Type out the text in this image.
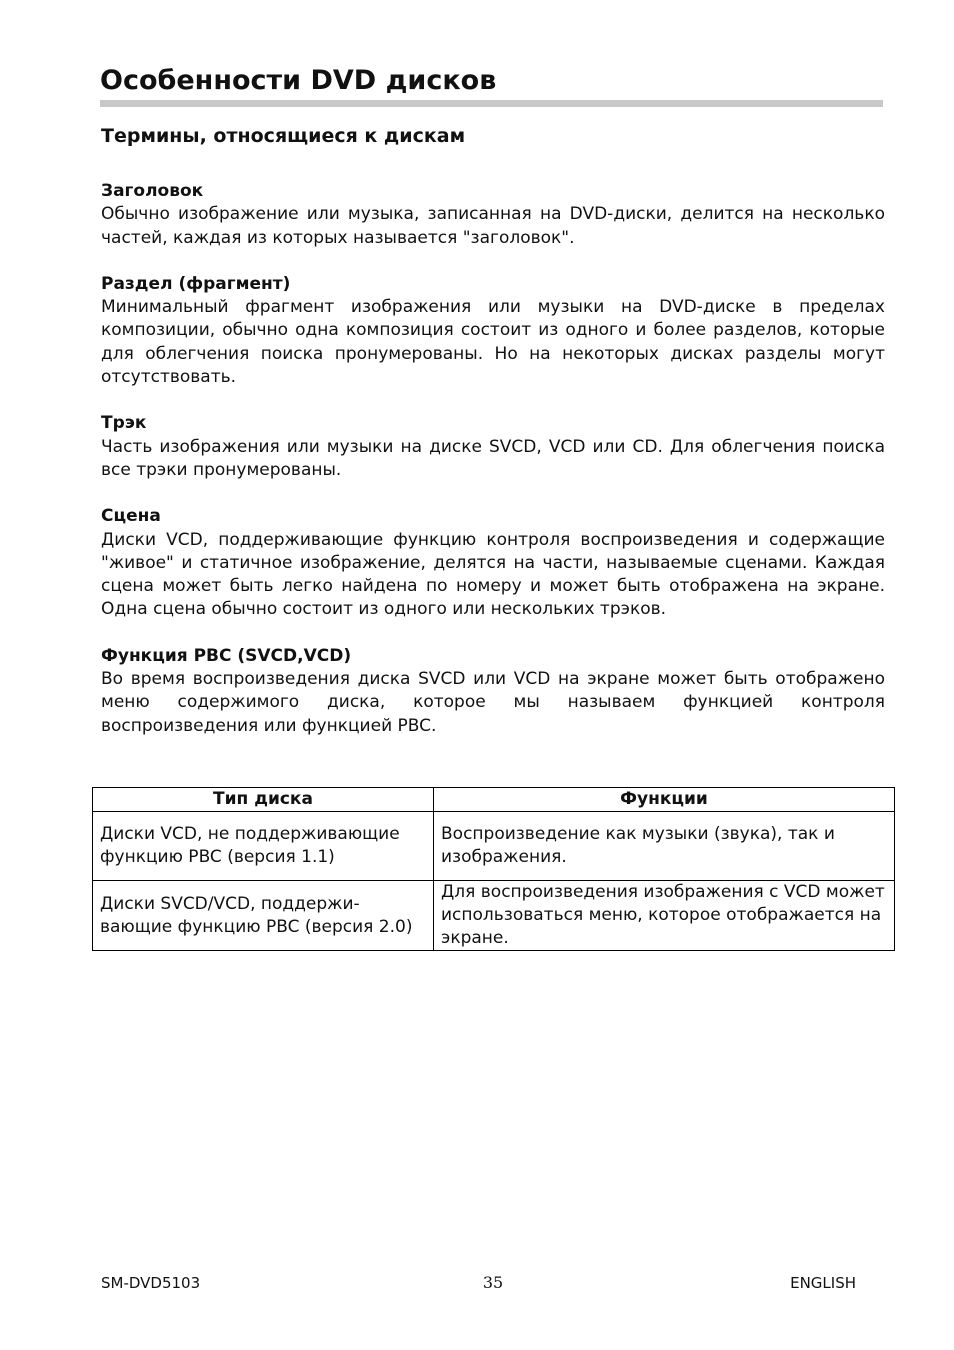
Особенности DVD дисков
Термины, относящиеся к дискам
Заголовок

Обычно изображение или музыка, записанная на DVD-диски, делится на несколько частей, каждая из которых называется "заголовок".

Раздел (фрагмент)

Минимальный фрагмент изображения или музыки на DVD-диске в пределах композиции, обычно одна композиция состоит из одного и более разделов, которые для облегчения поиска пронумерованы. Но на некоторых дисках разделы могут отсутствовать.

Трэк

Часть изображения или музыки на диске SVCD, VCD или CD. Для облегчения поиска все трэки пронумерованы.

Сцена

Диски VCD, поддерживающие функцию контроля воспроизведения и содержащие "живое" и статичное изображение, делятся на части, называемые сценами. Каждая сцена может быть легко найдена по номеру и может быть отображена на экране. Одна сцена обычно состоит из одного или нескольких трэков.

Функция PBC (SVCD,VCD)

Во время воспроизведения диска SVCD или VCD на экране может быть отображено меню содержимого диска, которое мы называем функцией контроля воспроизведения или функцией PBC.

Тип диска	Функции
Диски VCD, не поддерживающие функцию PBC (версия 1.1)	Воспроизведение как музыки (звука), так и изображения.
Диски SVCD/VCD, поддержи-вающие функцию PBC (версия 2.0)	Для воспроизведения изображения с VCD может использоваться меню, которое отображается на экране.
SM-DVD5103	35	ENGLISH
